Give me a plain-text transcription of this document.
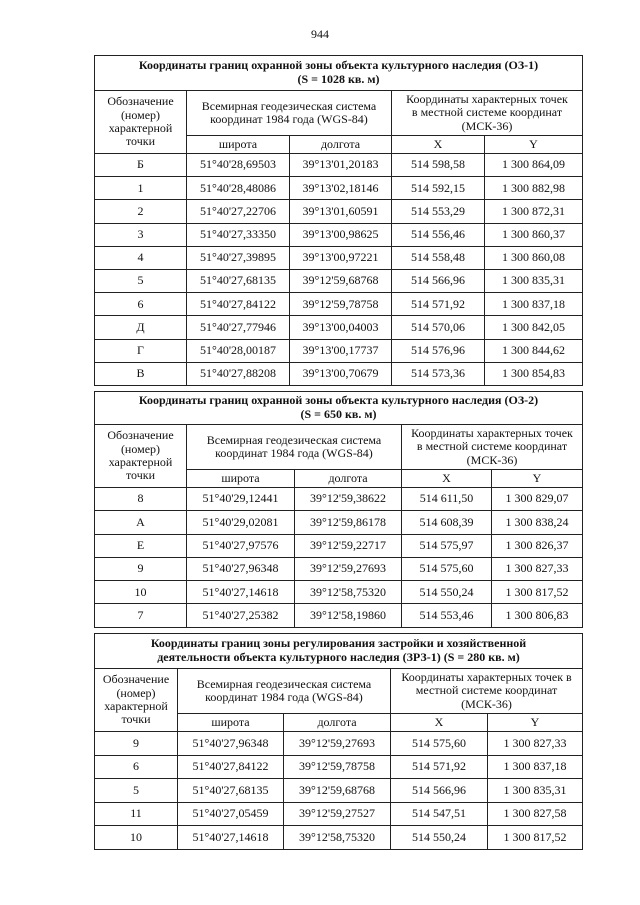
944
Координаты границ охранной зоны объекта культурного наследия (ОЗ-1)
(S = 1028 кв. м)				
Обозначение
(номер)
характерной
точки	Всемирная геодезическая система
координат 1984 года (WGS-84)		Координаты характерных точек
в местной системе координат
(МСК-36)	
	широта	долгота	X	Y
Б	51°40'28,69503	39°13'01,20183	514 598,58	1 300 864,09
1	51°40'28,48086	39°13'02,18146	514 592,15	1 300 882,98
2	51°40'27,22706	39°13'01,60591	514 553,29	1 300 872,31
3	51°40'27,33350	39°13'00,98625	514 556,46	1 300 860,37
4	51°40'27,39895	39°13'00,97221	514 558,48	1 300 860,08
5	51°40'27,68135	39°12'59,68768	514 566,96	1 300 835,31
6	51°40'27,84122	39°12'59,78758	514 571,92	1 300 837,18
Д	51°40'27,77946	39°13'00,04003	514 570,06	1 300 842,05
Г	51°40'28,00187	39°13'00,17737	514 576,96	1 300 844,62
В	51°40'27,88208	39°13'00,70679	514 573,36	1 300 854,83
Координаты границ охранной зоны объекта культурного наследия (ОЗ-2)
(S = 650 кв. м)				
Обозначение
(номер)
характерной
точки	Всемирная геодезическая система
координат 1984 года (WGS-84)		Координаты характерных точек
в местной системе координат
(МСК-36)	
	широта	долгота	X	Y
8	51°40'29,12441	39°12'59,38622	514 611,50	1 300 829,07
А	51°40'29,02081	39°12'59,86178	514 608,39	1 300 838,24
Е	51°40'27,97576	39°12'59,22717	514 575,97	1 300 826,37
9	51°40'27,96348	39°12'59,27693	514 575,60	1 300 827,33
10	51°40'27,14618	39°12'58,75320	514 550,24	1 300 817,52
7	51°40'27,25382	39°12'58,19860	514 553,46	1 300 806,83
Координаты границ зоны регулирования застройки и хозяйственной
деятельности объекта культурного наследия (ЗРЗ-1) (S = 280 кв. м)				
Обозначение
(номер)
характерной
точки	Всемирная геодезическая система
координат 1984 года (WGS-84)		Координаты характерных точек в
местной системе координат
(МСК-36)	
	широта	долгота	X	Y
9	51°40'27,96348	39°12'59,27693	514 575,60	1 300 827,33
6	51°40'27,84122	39°12'59,78758	514 571,92	1 300 837,18
5	51°40'27,68135	39°12'59,68768	514 566,96	1 300 835,31
11	51°40'27,05459	39°12'59,27527	514 547,51	1 300 827,58
10	51°40'27,14618	39°12'58,75320	514 550,24	1 300 817,52
